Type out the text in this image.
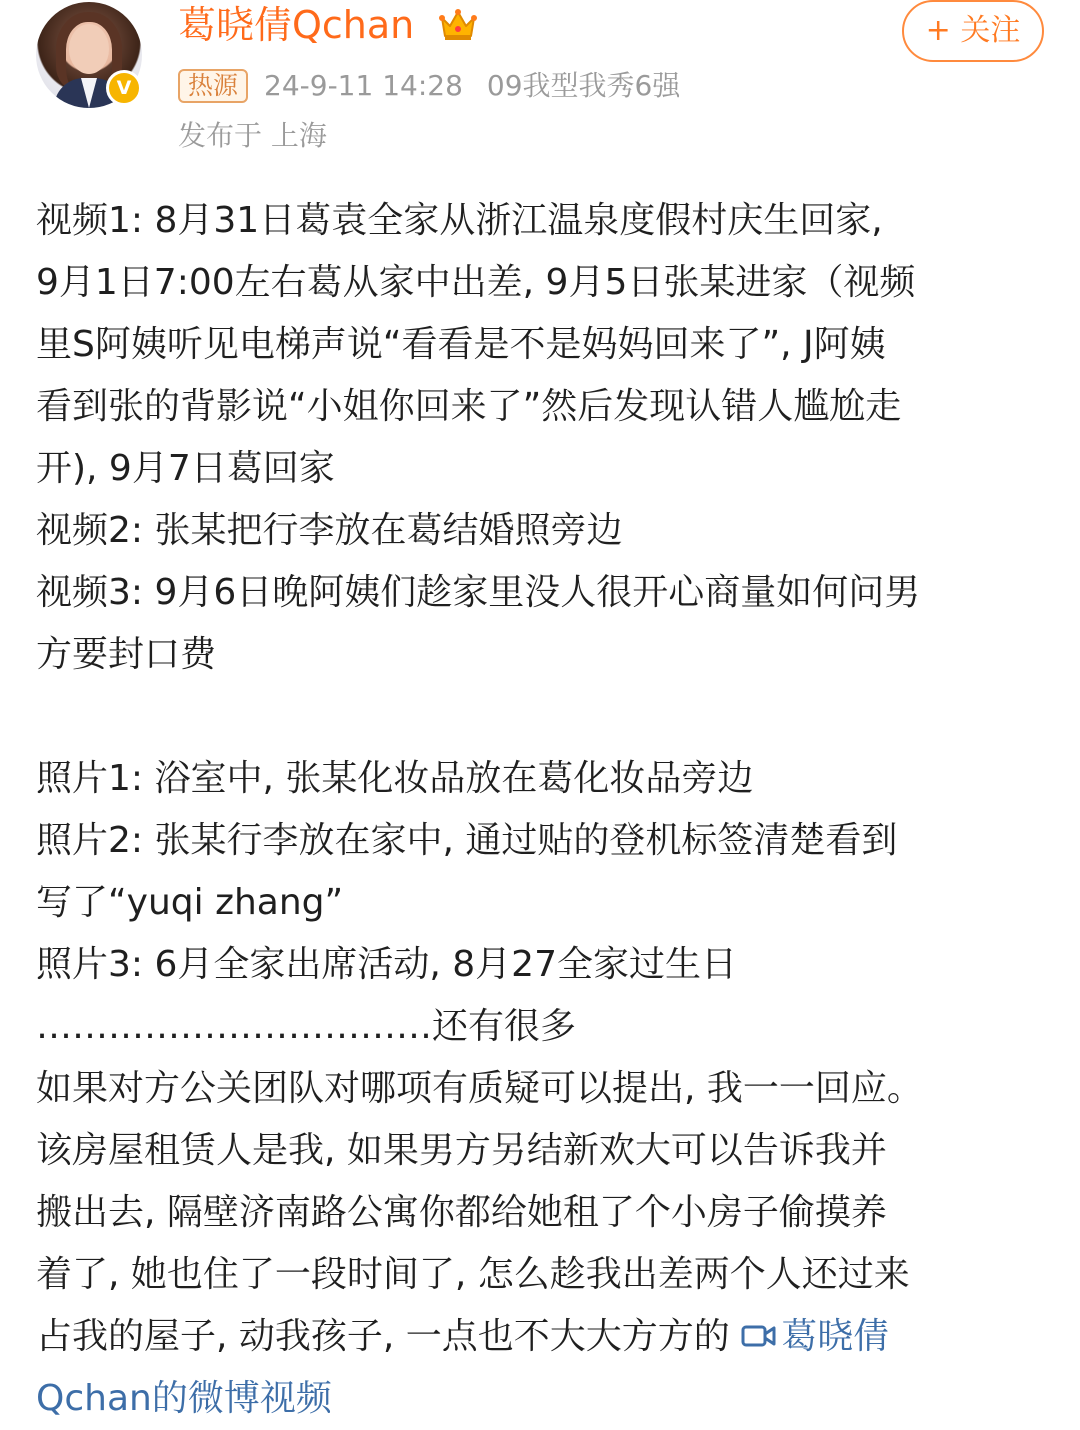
V
葛晓倩Qchan
热源 24-9-11 14:28 09我型我秀6强
发布于 上海
+ 关注
视频1: 8月31日葛袁全家从浙江温泉度假村庆生回家,
9月1日7:00左右葛从家中出差, 9月5日张某进家（视频
里S阿姨听见电梯声说“看看是不是妈妈回来了”, J阿姨
看到张的背影说“小姐你回来了”然后发现认错人尴尬走
开), 9月7日葛回家
视频2: 张某把行李放在葛结婚照旁边
视频3: 9月6日晚阿姨们趁家里没人很开心商量如何问男
方要封口费
照片1: 浴室中, 张某化妆品放在葛化妆品旁边
照片2: 张某行李放在家中, 通过贴的登机标签清楚看到
写了“yuqi zhang”
照片3: 6月全家出席活动, 8月27全家过生日
……………………………还有很多
如果对方公关团队对哪项有质疑可以提出, 我一一回应。
该房屋租赁人是我, 如果男方另结新欢大可以告诉我并
搬出去, 隔壁济南路公寓你都给她租了个小房子偷摸养
着了, 她也住了一段时间了, 怎么趁我出差两个人还过来
占我的屋子, 动我孩子, 一点也不大大方方的 葛晓倩
Qchan的微博视频
